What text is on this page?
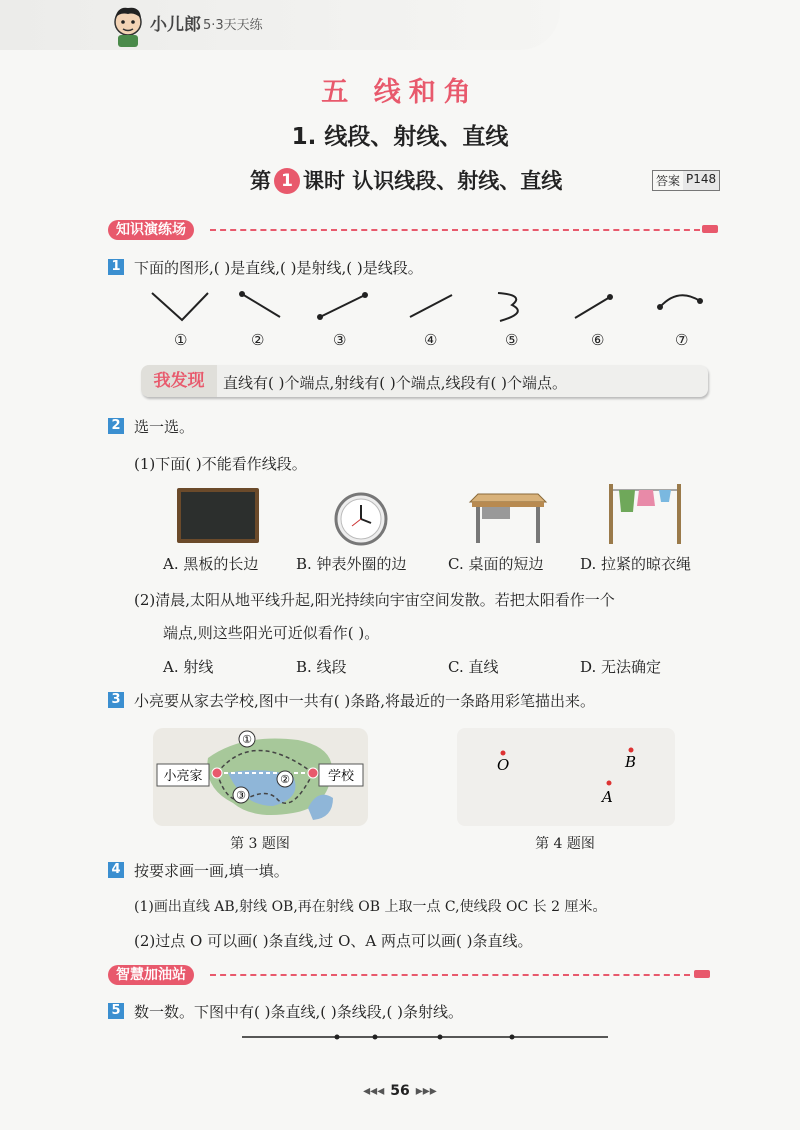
小儿郎 5·3天天练
五 线和角
1. 线段、射线、直线
第 1 课时 认识线段、射线、直线	答案 P148
知识演练场
1 下面的图形,( )是直线,( )是射线,( )是线段。
①	②	③	④	⑤	⑥	⑦
我发现	直线有( )个端点,射线有( )个端点,线段有( )个端点。
2 选一选。
(1)下面( )不能看作线段。
A. 黑板的长边	B. 钟表外圈的边	C. 桌面的短边 D. 拉紧的晾衣绳
(2)清晨,太阳从地平线升起,阳光持续向宇宙空间发散。若把太阳看作一个
端点,则这些阳光可近似看作( )。
A. 射线	B. 线段	C. 直线	D. 无法确定
3 小亮要从家去学校,图中一共有( )条路,将最近的一条路用彩笔描出来。
小亮家	学校
①
②
③
第 3 题图
O	B
A
第 4 题图
4 按要求画一画,填一填。
(1)画出直线 AB,射线 OB,再在射线 OB 上取一点 C,使线段 OC 长 2 厘米。
(2)过点 O 可以画( )条直线,过 O、A 两点可以画( )条直线。
智慧加油站
5 数一数。下图中有( )条直线,( )条线段,( )条射线。
◂◂◂ 56 ▸▸▸
